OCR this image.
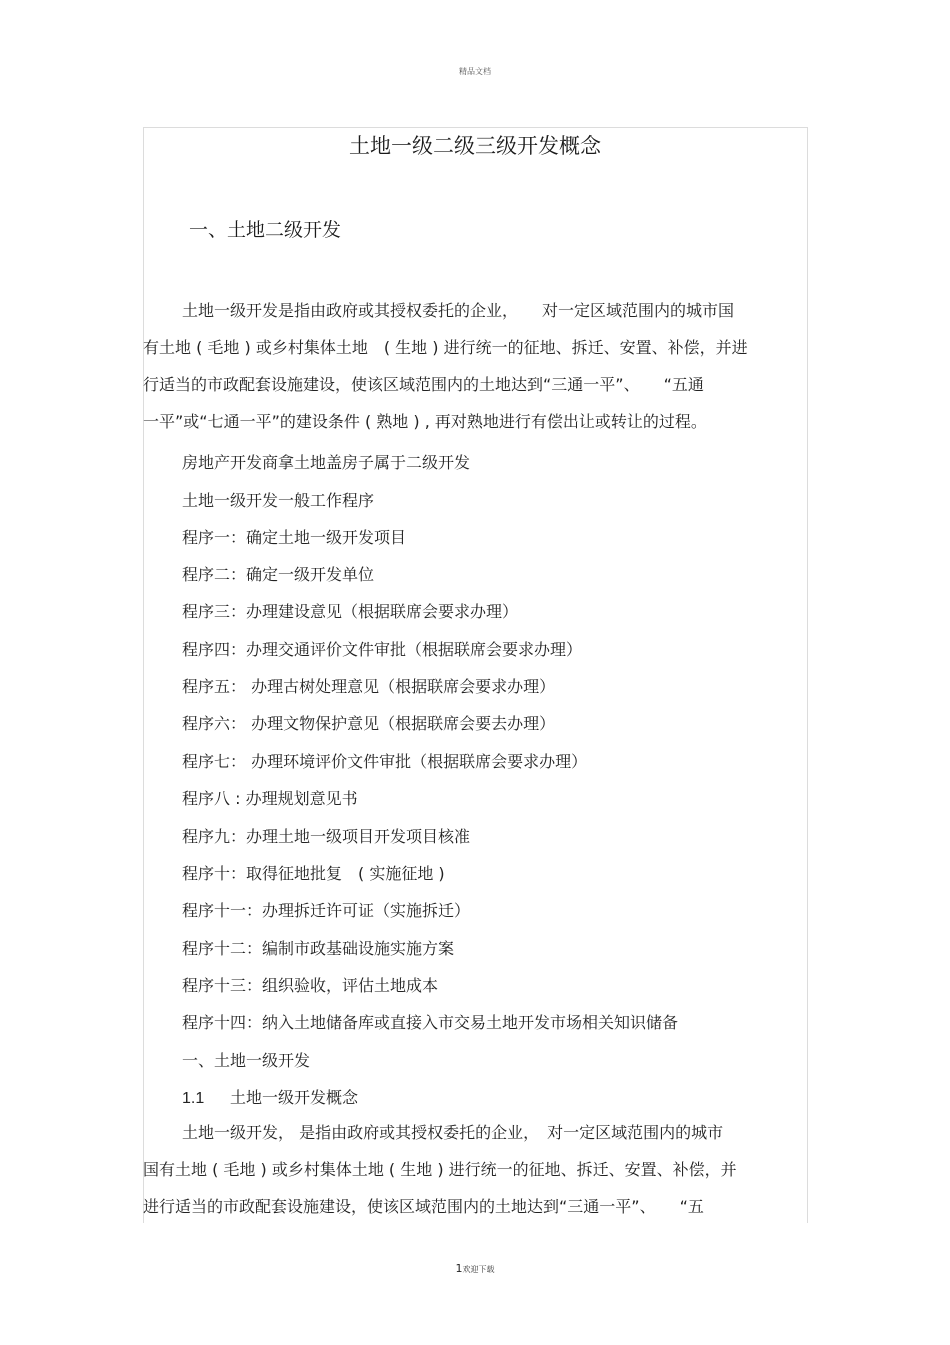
精品文档
土地一级二级三级开发概念
一、土地二级开发
土地一级开发是指由政府或其授权委托的企业，　　对一定区域范围内的城市国
有土地 ( 毛地 ) 或乡村集体土地　( 生地 ) 进行统一的征地、拆迁、安置、补偿，并进
行适当的市政配套设施建设，使该区域范围内的土地达到“三通一平”、　　“五通
一平”或“七通一平”的建设条件 ( 熟地 ) , 再对熟地进行有偿出让或转让的过程。
房地产开发商拿土地盖房子属于二级开发
土地一级开发一般工作程序
程序一：确定土地一级开发项目
程序二：确定一级开发单位
程序三：办理建设意见（根据联席会要求办理）
程序四：办理交通评价文件审批（根据联席会要求办理）
程序五： 办理古树处理意见（根据联席会要求办理）
程序六： 办理文物保护意见（根据联席会要去办理）
程序七： 办理环境评价文件审批（根据联席会要求办理）
程序八 : 办理规划意见书
程序九：办理土地一级项目开发项目核准
程序十：取得征地批复　( 实施征地 )
程序十一：办理拆迁许可证（实施拆迁）
程序十二：编制市政基础设施实施方案
程序十三：组织验收，评估土地成本
程序十四：纳入土地储备库或直接入市交易土地开发市场相关知识储备
一、土地一级开发
1.1 土地一级开发概念
土地一级开发， 是指由政府或其授权委托的企业，　对一定区域范围内的城市
国有土地 ( 毛地 ) 或乡村集体土地 ( 生地 ) 进行统一的征地、拆迁、安置、补偿，并
进行适当的市政配套设施建设，使该区域范围内的土地达到“三通一平”、　　“五
1欢迎下载
